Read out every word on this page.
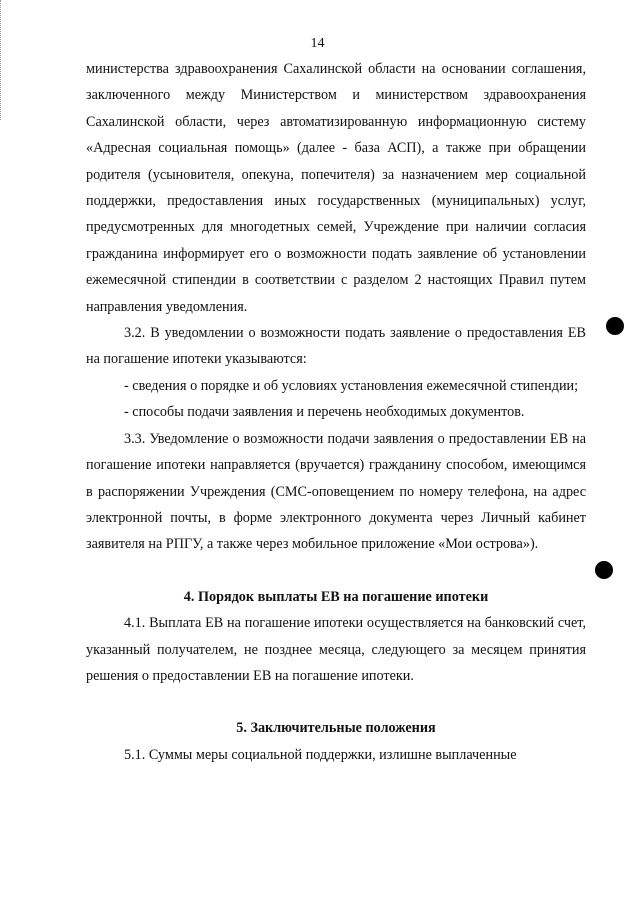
14

министерства здравоохранения Сахалинской области на основании соглашения, заключенного между Министерством и министерством здравоохранения Сахалинской области, через автоматизированную информационную систему «Адресная социальная помощь» (далее - база АСП), а также при обращении родителя (усыновителя, опекуна, попечителя) за назначением мер социальной поддержки, предоставления иных государственных (муниципальных) услуг, предусмотренных для многодетных семей, Учреждение при наличии согласия гражданина информирует его о возможности подать заявление об установлении ежемесячной стипендии в соответствии с разделом 2 настоящих Правил путем направления уведомления.

3.2. В уведомлении о возможности подать заявление о предоставления ЕВ на погашение ипотеки указываются:

- сведения о порядке и об условиях установления ежемесячной стипендии;

- способы подачи заявления и перечень необходимых документов.

3.3. Уведомление о возможности подачи заявления о предоставлении ЕВ на погашение ипотеки направляется (вручается) гражданину способом, имеющимся в распоряжении Учреждения (СМС-оповещением по номеру телефона, на адрес электронной почты, в форме электронного документа через Личный кабинет заявителя на РПГУ, а также через мобильное приложение «Мои острова»).

4. Порядок выплаты ЕВ на погашение ипотеки

4.1. Выплата ЕВ на погашение ипотеки осуществляется на банковский счет, указанный получателем, не позднее месяца, следующего за месяцем принятия решения о предоставлении ЕВ на погашение ипотеки.

5. Заключительные положения

5.1. Суммы меры социальной поддержки, излишне выплаченные
